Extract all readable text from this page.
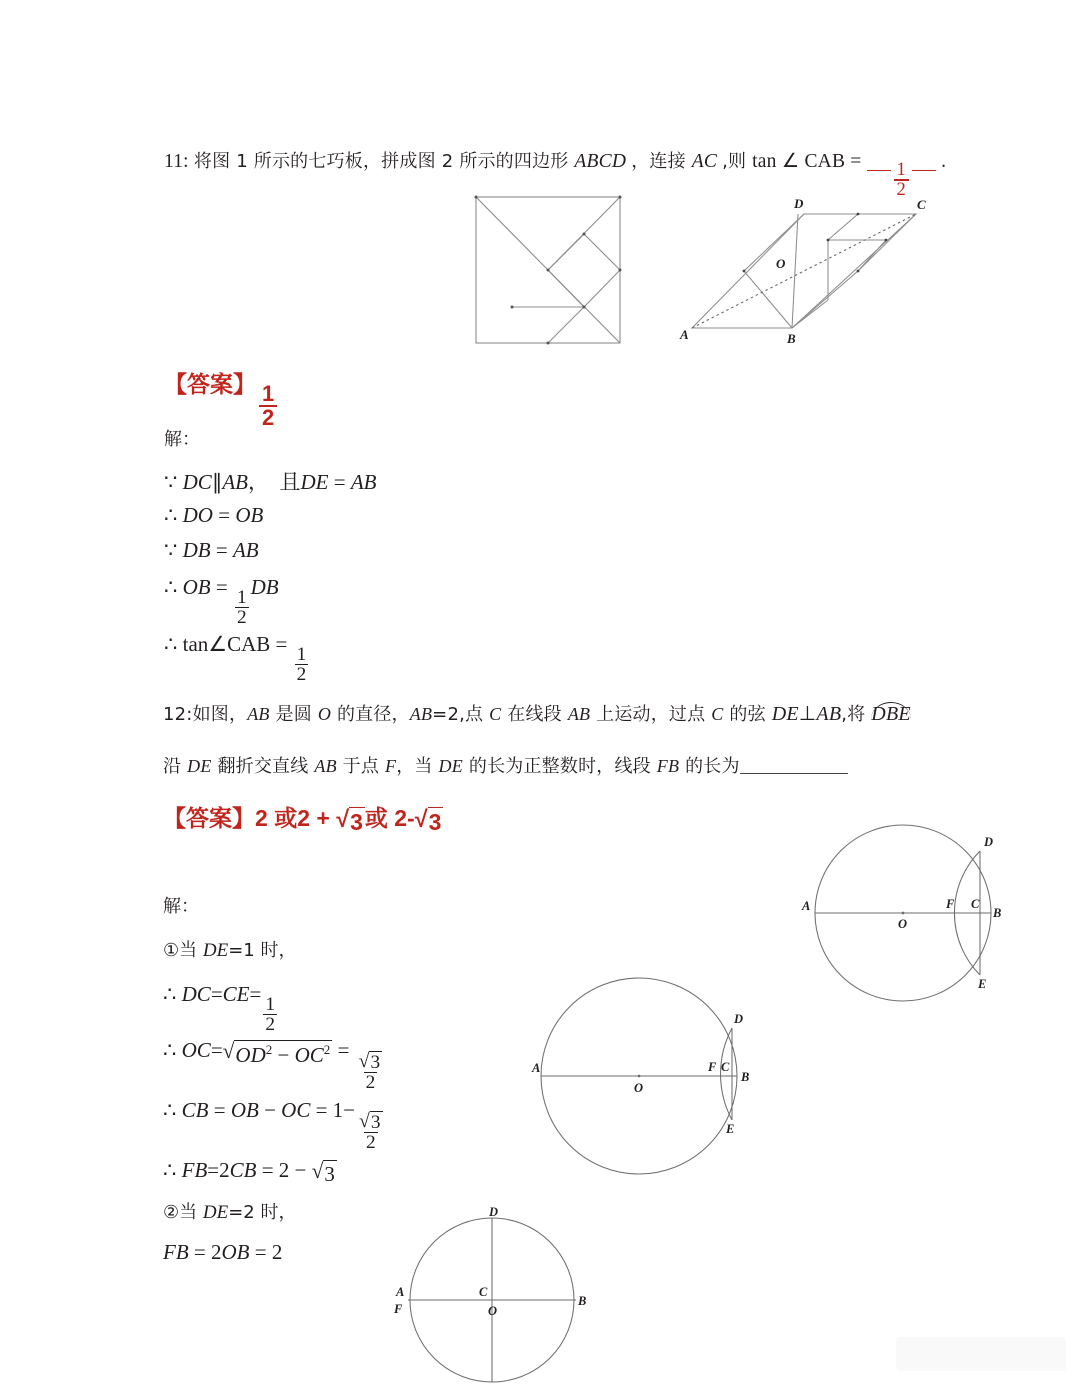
11: 将图 1 所示的七巧板，拼成图 2 所示的四边形 ABCD ，连接 AC ,则 tan ∠ CAB = $\frac{1}{2}$ .
A	B
C
D
O
【答案】 $\frac{1}{2}$
解：
∵ DC∥AB，  且DE = AB
∴ DO = OB
∵ DB = AB
∴ OB =
$\frac{1}{2}$
DB
∴ tan∠CAB =
$\frac{1}{2}$
12:如图，AB 是圆 O 的直径，AB=2,点 C 在线段 AB 上运动，过点 C 的弦 DE⊥AB,将 DBE
沿 DE 翻折交直线 AB 于点 F，当 DE 的长为正整数时，线段 FB 的长为
【答案】2 或2 + √ 3 或 2- √ 3
A	B
C
D
E
F
O
解：
①当 DE=1 时，
∴ DC=CE=
$\frac{1}{2}$
∴ OC= √ $OD^2 - OC^2$ =
$\frac{√ 3}{2}$
∴ CB = OB − OC = 1−
$\frac{√ 3}{2}$
∴ FB=2CB = 2 − √ 3
②当 DE=2 时，
FB = 2OB = 2
A
B
C
D
E
F
O
A
F
B
C
O
D
